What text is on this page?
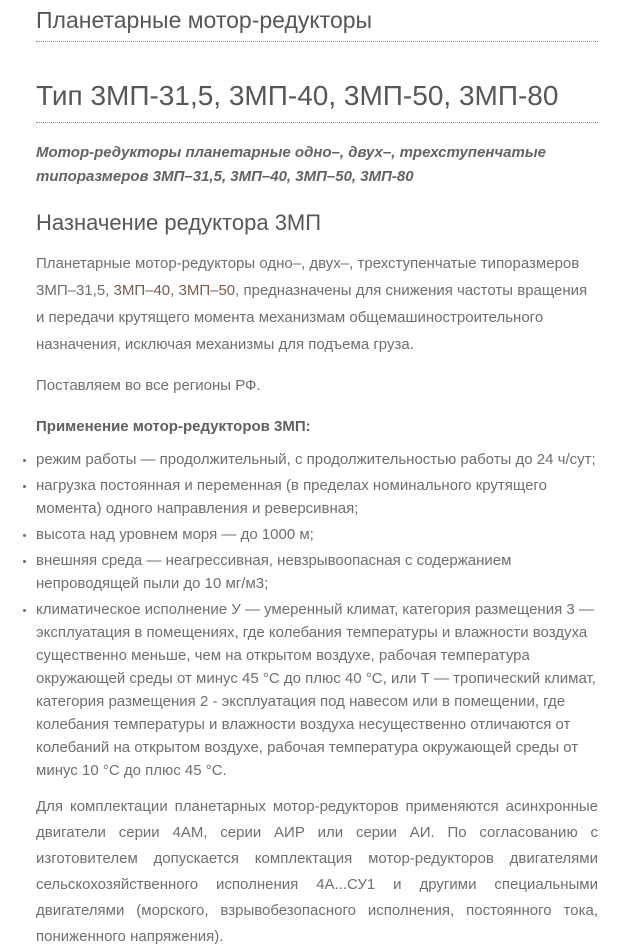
Планетарные мотор-редукторы
Тип 3МП-31,5, 3МП-40, 3МП-50, 3МП-80

Мотор-редукторы планетарные одно–, двух–, трехступенчатые типоразмеров 3МП–31,5, 3МП–40, 3МП–50, 3МП-80

Назначение редуктора 3МП

Планетарные мотор-редукторы одно–, двух–, трехступенчатые типоразмеров 3МП–31,5, 3МП–40, 3МП–50, предназначены для снижения частоты вращения и передачи крутящего момента механизмам общемашиностроительного назначения, исключая механизмы для подъема груза.

Поставляем во все регионы РФ.

Применение мотор-редукторов 3МП:

• режим работы — продолжительный, с продолжительностью работы до 24 ч/сут;
• нагрузка постоянная и переменная (в пределах номинального крутящего момента) одного направления и реверсивная;
• высота над уровнем моря — до 1000 м;
• внешняя среда — неагрессивная, невзрывоопасная с содержанием непроводящей пыли до 10 мг/м3;
• климатическое исполнение У — умеренный климат, категория размещения 3 — эксплуатация в помещениях, где колебания температуры и влажности воздуха существенно меньше, чем на открытом воздухе, рабочая температура окружающей среды от минус 45 °C до плюс 40 °C, или Т — тропический климат, категория размещения 2 - эксплуатация под навесом или в помещении, где колебания температуры и влажности воздуха несущественно отличаются от колебаний на открытом воздухе, рабочая температура окружающей среды от минус 10 °C до плюс 45 °C.

Для комплектации планетарных мотор-редукторов применяются асинхронные двигатели серии 4АМ, серии АИР или серии АИ. По согласованию с изготовителем допускается комплектация мотор-редукторов двигателями сельскохозяйственного исполнения 4А...СУ1 и другими специальными двигателями (морского, взрывобезопасного исполнения, постоянного тока, пониженного напряжения).
